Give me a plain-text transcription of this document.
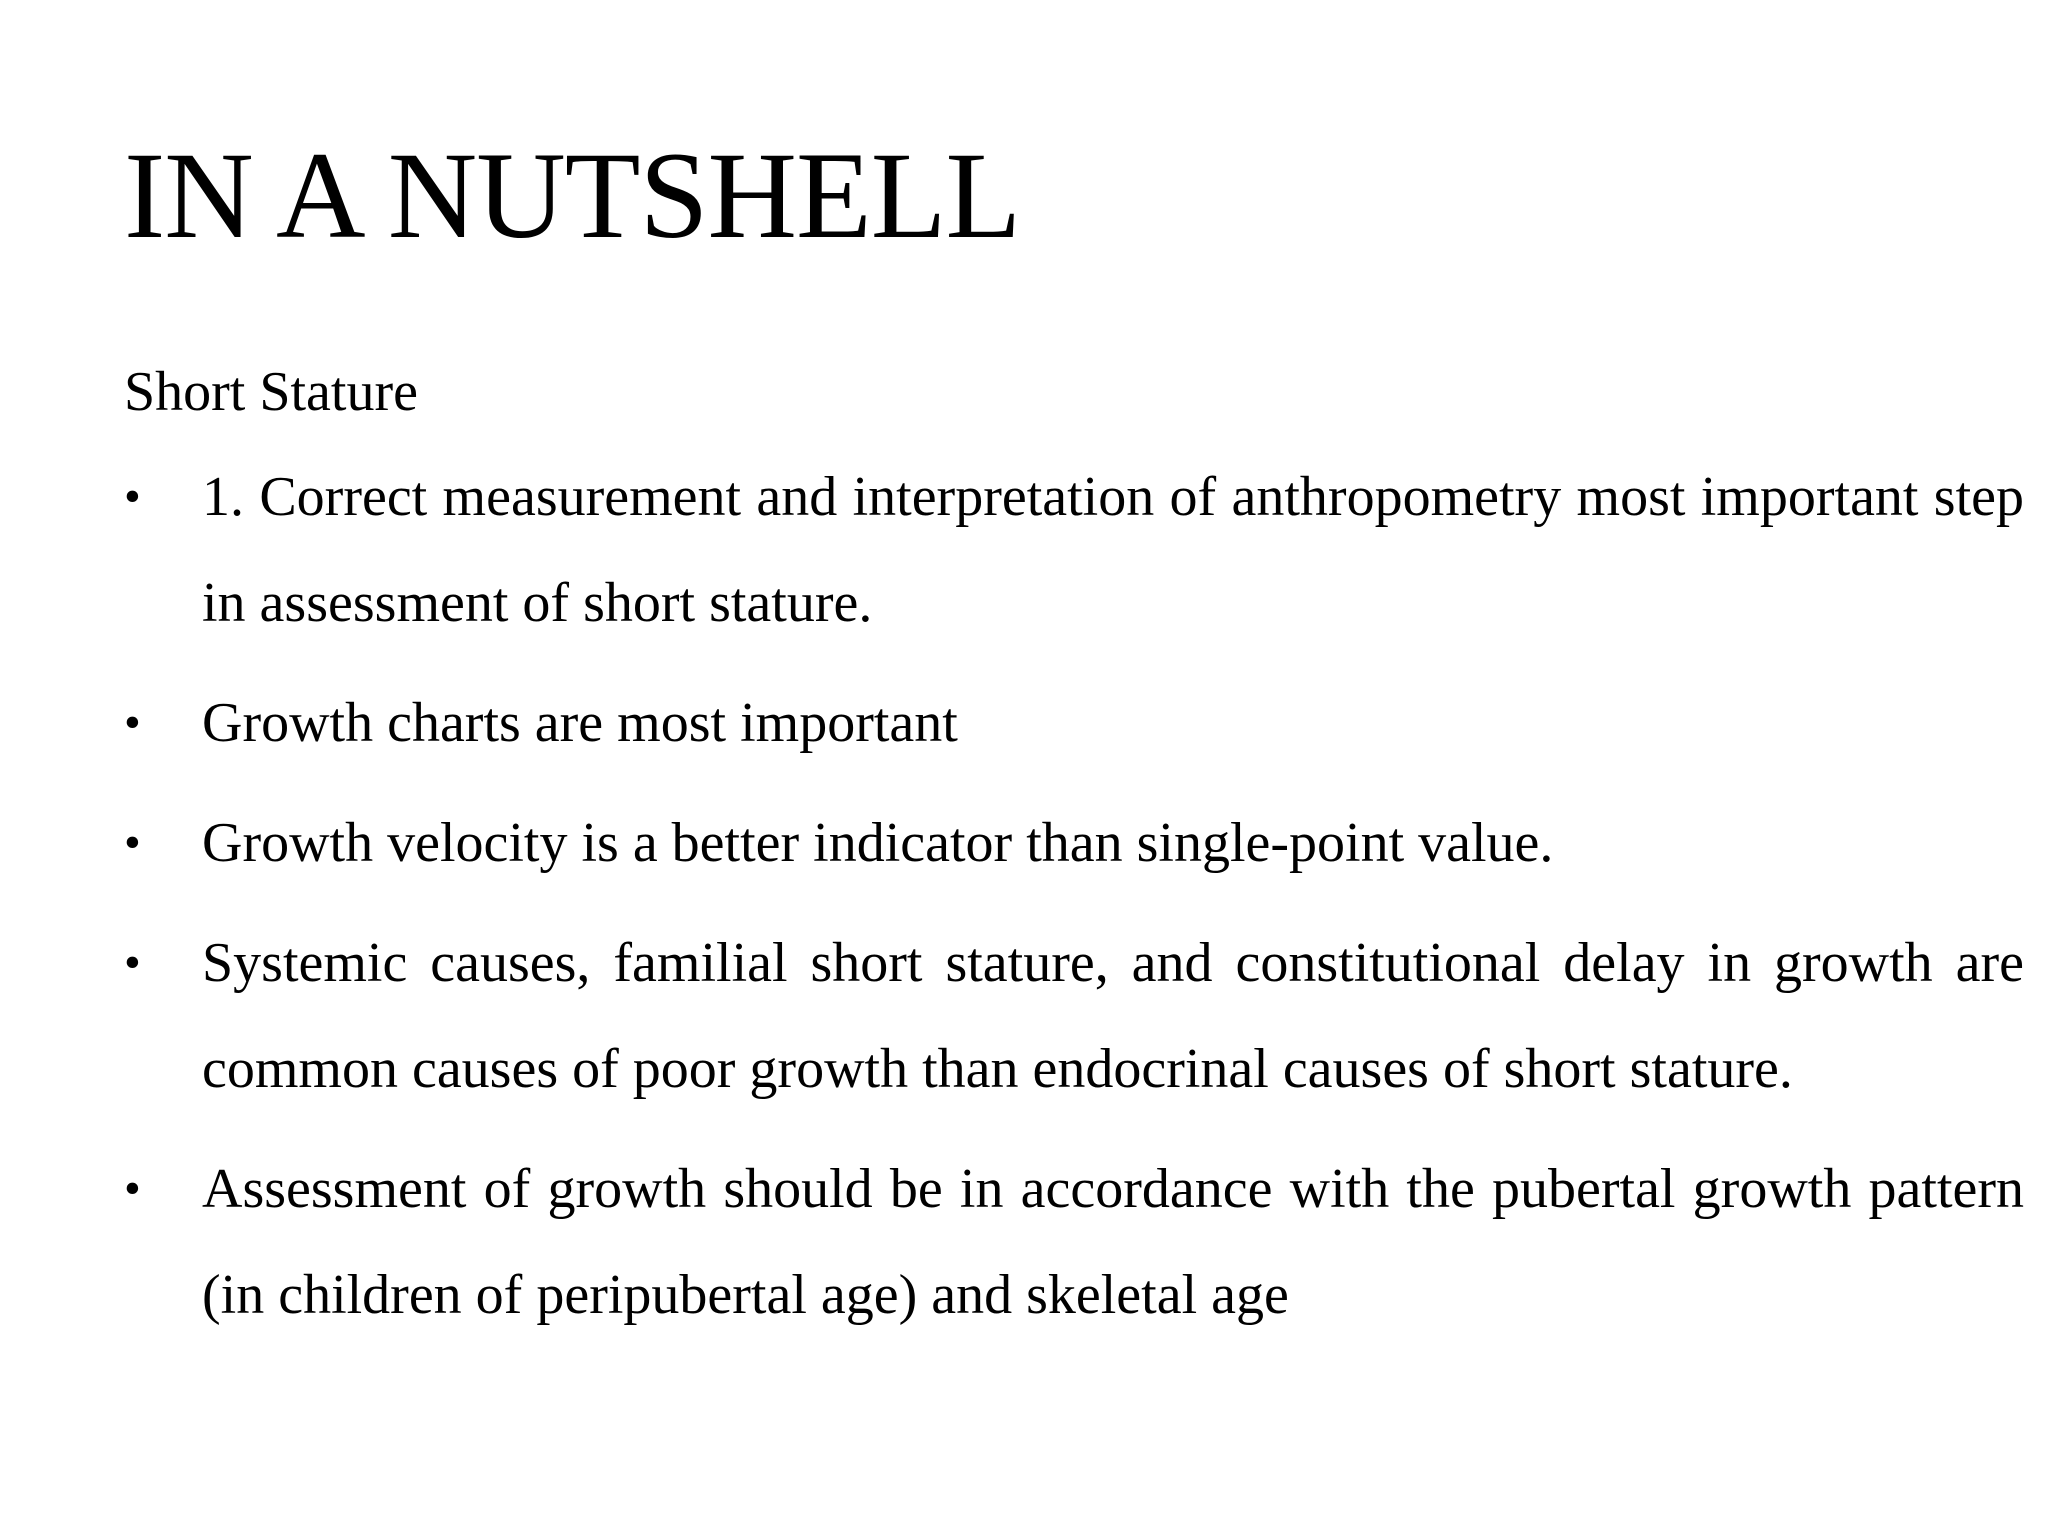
IN A NUTSHELL
Short Stature
• 1. Correct measurement and interpretation of anthropometry most important step in assessment of short stature.
• Growth charts are most important
• Growth velocity is a better indicator than single-point value.
• Systemic causes, familial short stature, and constitutional delay in growth are common causes of poor growth than endocrinal causes of short stature.
• Assessment of growth should be in accordance with the pubertal growth pattern (in children of peripubertal age) and skeletal age
